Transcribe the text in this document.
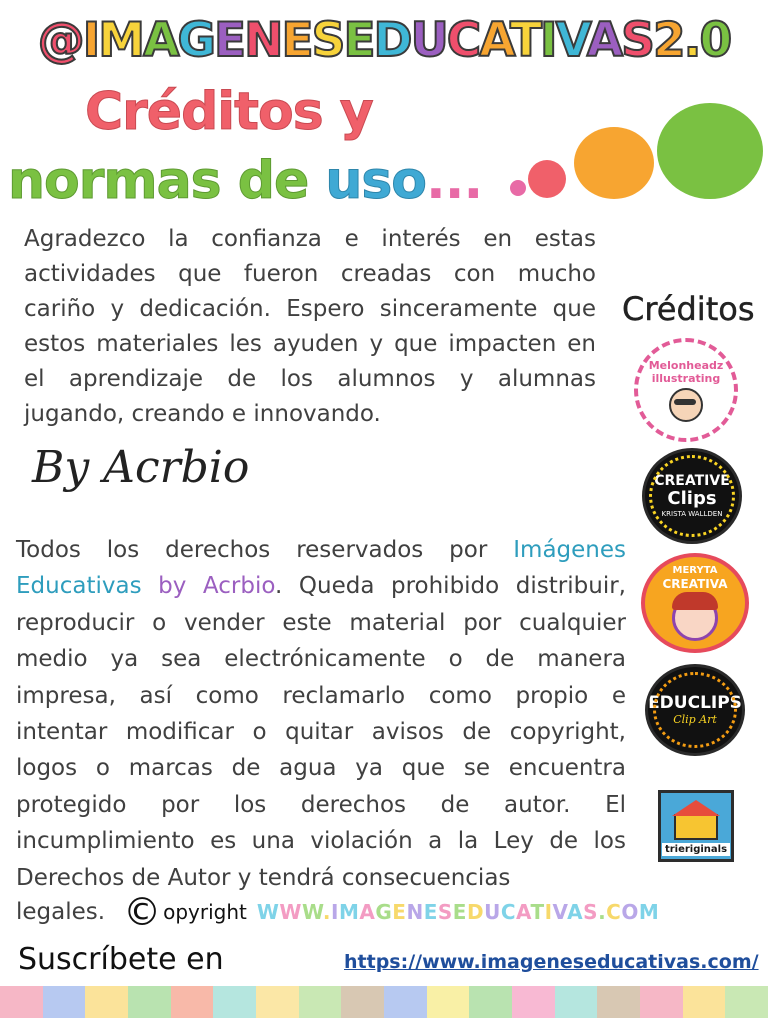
@IMAGENESEDUCATIVAS2.0
Créditos y
normas de uso...

Agradezco la confianza e interés en estas actividades que fueron creadas con mucho cariño y dedicación. Espero sinceramente que estos materiales les ayuden y que impacten en el aprendizaje de los alumnos y alumnas jugando, creando e innovando.

By Acrbio

Todos los derechos reservados por Imágenes Educativas by Acrbio. Queda prohibido distribuir, reproducir o vender este material por cualquier medio ya sea electrónicamente o de manera impresa, así como reclamarlo como propio e intentar modificar o quitar avisos de copyright, logos o marcas de agua ya que se encuentra protegido por los derechos de autor. El incumplimiento es una violación a la Ley de los Derechos de Autor y tendrá consecuencias

legales. © opyright WWW.IMAGENESEDUCATIVAS.COM
Suscríbete en	https://www.imageneseducativas.com/
Créditos
Melonheadz
illustrating
CREATIVE
Clips
KRISTA WALLDEN
MERYTA
CREATIVA
EDUCLIPS
Clip Art
trieriginals
